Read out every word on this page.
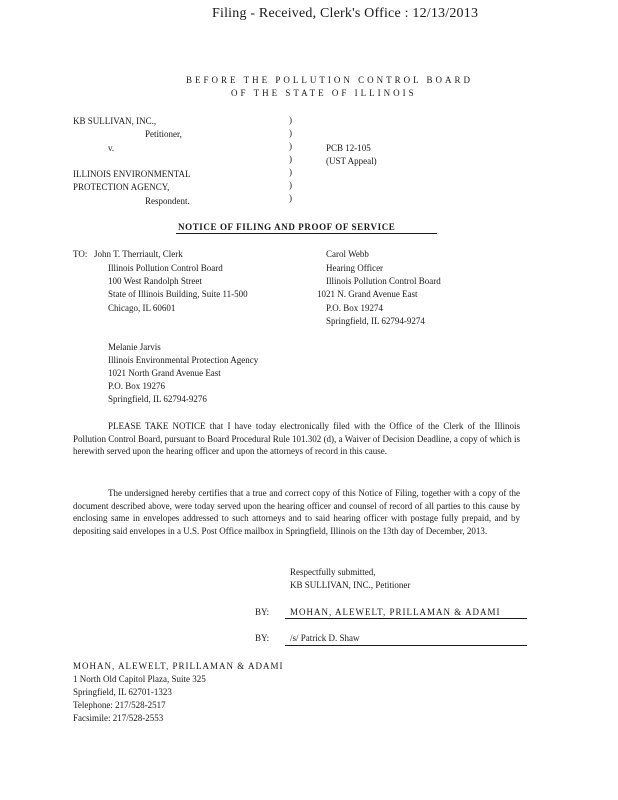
Filing - Received, Clerk's Office : 12/13/2013
BEFORE THE POLLUTION CONTROL BOARD
OF THE STATE OF ILLINOIS
KB SULLIVAN, INC.,
Petitioner,
v.
ILLINOIS ENVIRONMENTAL
PROTECTION AGENCY,
Respondent.
)
)
)
)
)
)
)
PCB 12-105
(UST Appeal)
NOTICE OF FILING AND PROOF OF SERVICE
TO: John T. Therriault, Clerk
Illinois Pollution Control Board
100 West Randolph Street
State of Illinois Building, Suite 11-500
Chicago, IL 60601
Carol Webb
Hearing Officer
Illinois Pollution Control Board
1021 N. Grand Avenue East
P.O. Box 19274
Springfield, IL 62794-9274
Melanie Jarvis
Illinois Environmental Protection Agency
1021 North Grand Avenue East
P.O. Box 19276
Springfield, IL 62794-9276
PLEASE TAKE NOTICE that I have today electronically filed with the Office of the Clerk of the Illinois Pollution Control Board, pursuant to Board Procedural Rule 101.302 (d), a Waiver of Decision Deadline, a copy of which is herewith served upon the hearing officer and upon the attorneys of record in this cause.
The undersigned hereby certifies that a true and correct copy of this Notice of Filing, together with a copy of the document described above, were today served upon the hearing officer and counsel of record of all parties to this cause by enclosing same in envelopes addressed to such attorneys and to said hearing officer with postage fully prepaid, and by depositing said envelopes in a U.S. Post Office mailbox in Springfield, Illinois on the 13th day of December, 2013.
Respectfully submitted,
KB SULLIVAN, INC., Petitioner
BY: MOHAN, ALEWELT, PRILLAMAN & ADAMI
BY: /s/ Patrick D. Shaw
MOHAN, ALEWELT, PRILLAMAN & ADAMI
1 North Old Capitol Plaza, Suite 325
Springfield, IL 62701-1323
Telephone: 217/528-2517
Facsimile: 217/528-2553
